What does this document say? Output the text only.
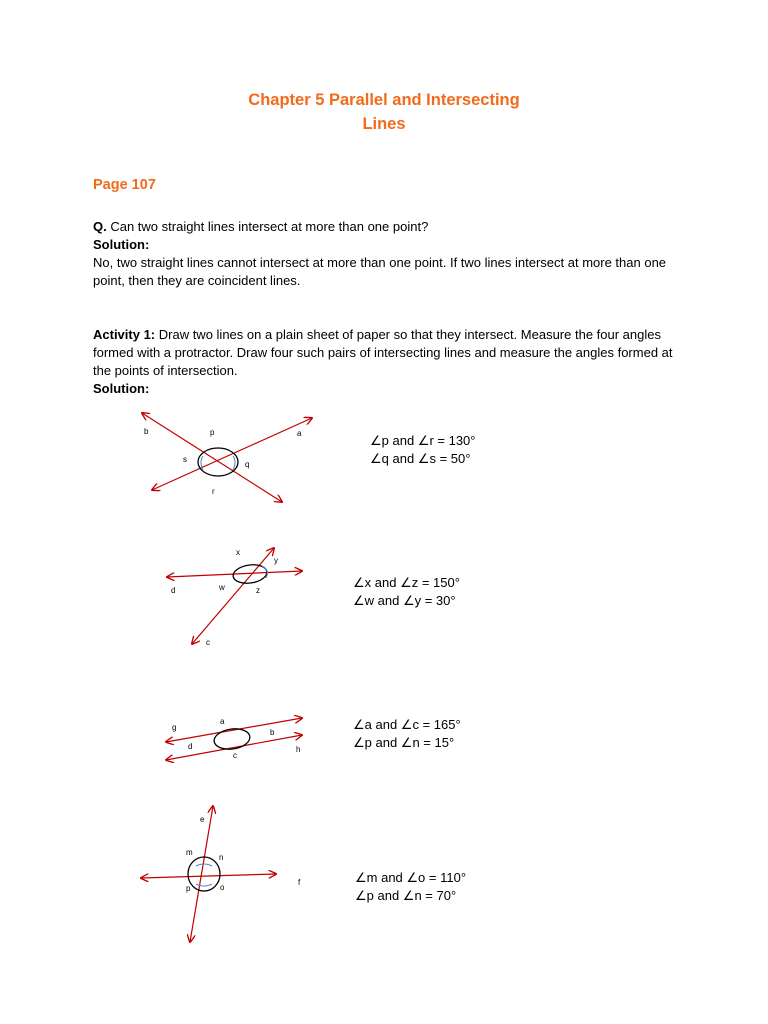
Chapter 5 Parallel and Intersecting
Lines
Page 107
Q. Can two straight lines intersect at more than one point?
Solution:
No, two straight lines cannot intersect at more than one point. If two lines intersect at more than one point, then they are coincident lines.
Activity 1: Draw two lines on a plain sheet of paper so that they intersect. Measure the four angles formed with a protractor. Draw four such pairs of intersecting lines and measure the angles formed at the points of intersection.
Solution:
b	p	a
s
q
r
x
y
d	w	z
c
g
a
b
d
c
h
e
m
n
p	o
f
∠p and ∠r = 130°
∠q and ∠s = 50°
∠x and ∠z = 150°
∠w and ∠y = 30°
∠a and ∠c = 165°
∠p and ∠n = 15°
∠m and ∠o = 110°
∠p and ∠n = 70°
